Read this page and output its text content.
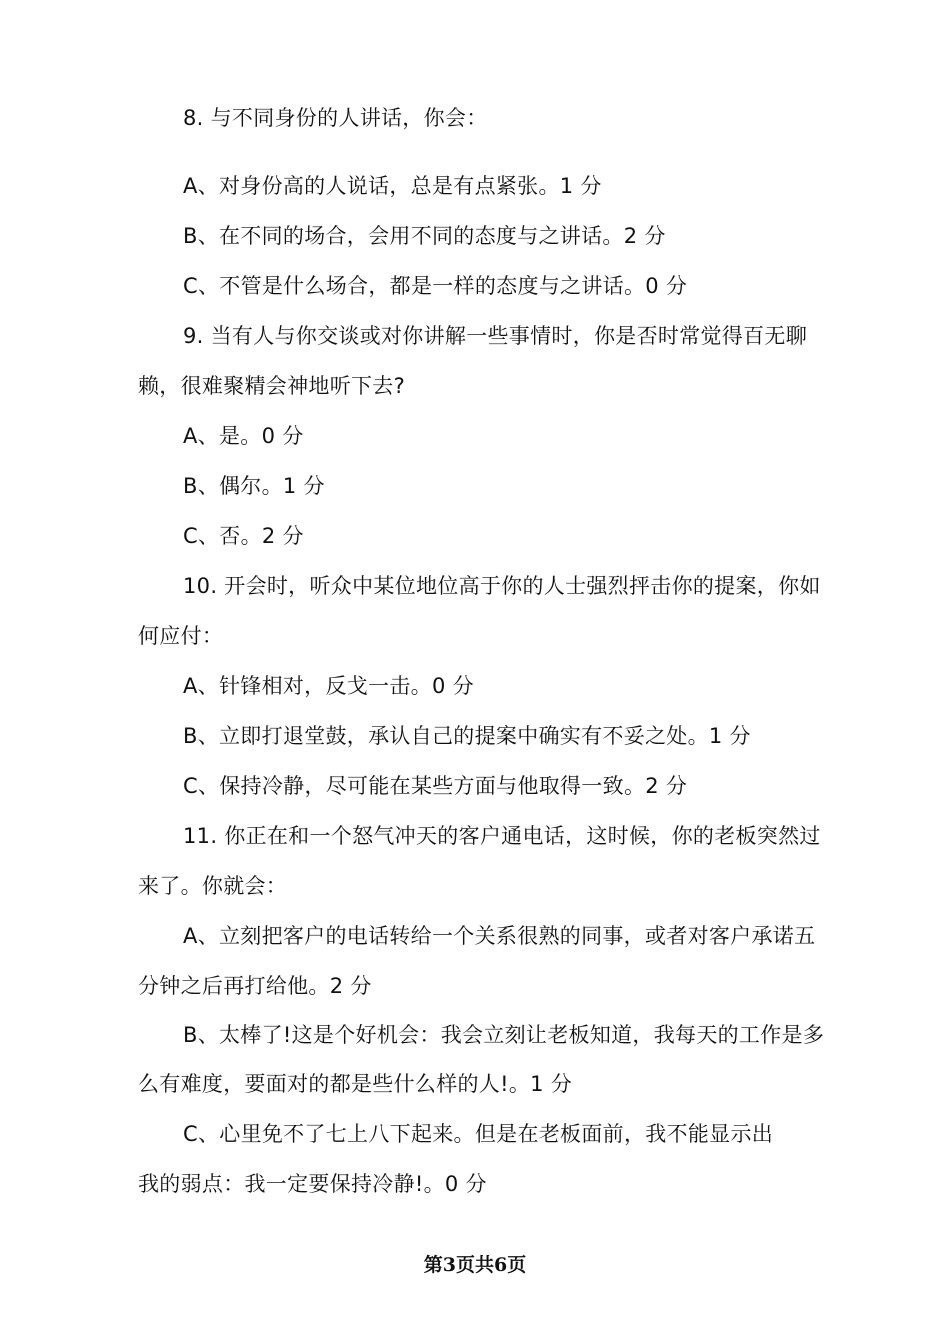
8. 与不同身份的人讲话，你会：
A、对身份高的人说话，总是有点紧张。1 分
B、在不同的场合，会用不同的态度与之讲话。2 分
C、不管是什么场合，都是一样的态度与之讲话。0 分
9. 当有人与你交谈或对你讲解一些事情时，你是否时常觉得百无聊
赖，很难聚精会神地听下去?
A、是。0 分
B、偶尔。1 分
C、否。2 分
10. 开会时，听众中某位地位高于你的人士强烈抨击你的提案，你如
何应付：
A、针锋相对，反戈一击。0 分
B、立即打退堂鼓，承认自己的提案中确实有不妥之处。1 分
C、保持冷静，尽可能在某些方面与他取得一致。2 分
11. 你正在和一个怒气冲天的客户通电话，这时候，你的老板突然过
来了。你就会：
A、立刻把客户的电话转给一个关系很熟的同事，或者对客户承诺五
分钟之后再打给他。2 分
B、太棒了!这是个好机会：我会立刻让老板知道，我每天的工作是多
么有难度，要面对的都是些什么样的人!。1 分
C、心里免不了七上八下起来。但是在老板面前，我不能显示出
我的弱点：我一定要保持冷静!。0 分
第3页共6页
